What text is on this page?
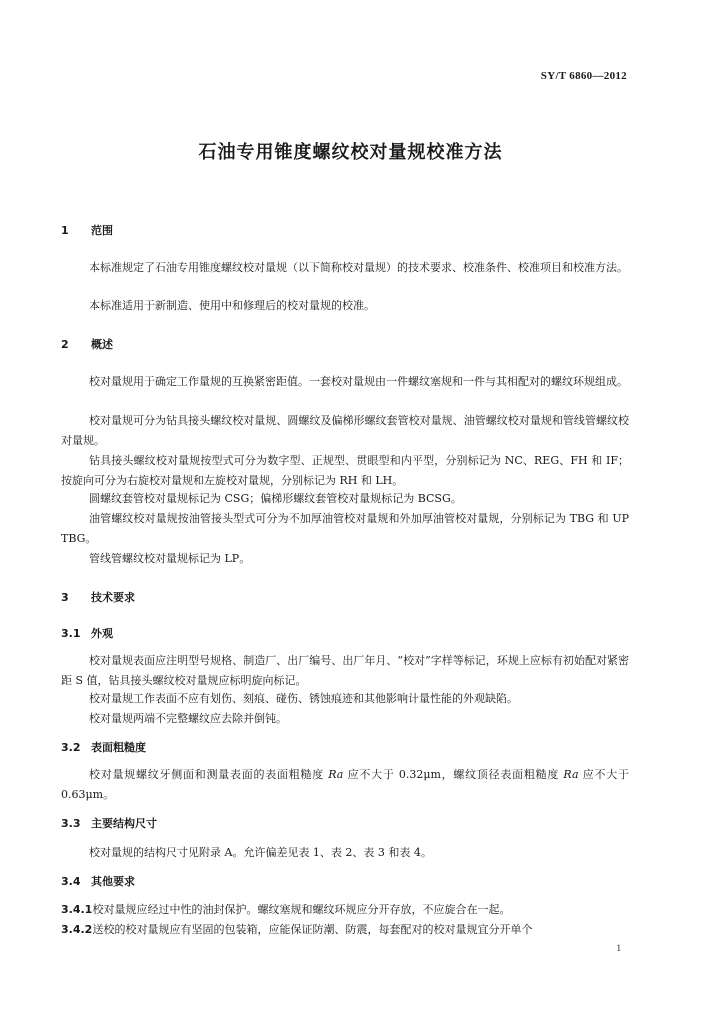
SY/T 6860—2012
石油专用锥度螺纹校对量规校准方法
1 范围

本标准规定了石油专用锥度螺纹校对量规（以下简称校对量规）的技术要求、校准条件、校准项目和校准方法。

本标准适用于新制造、使用中和修理后的校对量规的校准。

2 概述

校对量规用于确定工作量规的互换紧密距值。一套校对量规由一件螺纹塞规和一件与其相配对的螺纹环规组成。

校对量规可分为钻具接头螺纹校对量规、圆螺纹及偏梯形螺纹套管校对量规、油管螺纹校对量规和管线管螺纹校对量规。

钻具接头螺纹校对量规按型式可分为数字型、正规型、贯眼型和内平型，分别标记为 NC、REG、FH 和 IF；按旋向可分为右旋校对量规和左旋校对量规，分别标记为 RH 和 LH。

圆螺纹套管校对量规标记为 CSG；偏梯形螺纹套管校对量规标记为 BCSG。

油管螺纹校对量规按油管接头型式可分为不加厚油管校对量规和外加厚油管校对量规，分别标记为 TBG 和 UP TBG。

管线管螺纹校对量规标记为 LP。

3 技术要求
3.1 外观

校对量规表面应注明型号规格、制造厂、出厂编号、出厂年月、“校对”字样等标记，环规上应标有初始配对紧密距 S 值，钻具接头螺纹校对量规应标明旋向标记。

校对量规工作表面不应有划伤、刻痕、碰伤、锈蚀痕迹和其他影响计量性能的外观缺陷。

校对量规两端不完整螺纹应去除并倒钝。

3.2 表面粗糙度

校对量规螺纹牙侧面和测量表面的表面粗糙度 Ra 应不大于 0.32μm，螺纹顶径表面粗糙度 Ra 应不大于 0.63μm。

3.3 主要结构尺寸

校对量规的结构尺寸见附录 A。允许偏差见表 1、表 2、表 3 和表 4。

3.4 其他要求

3.4.1 校对量规应经过中性的油封保护。螺纹塞规和螺纹环规应分开存放，不应旋合在一起。

3.4.2 送校的校对量规应有坚固的包装箱，应能保证防潮、防震，每套配对的校对量规宜分开单个

1
